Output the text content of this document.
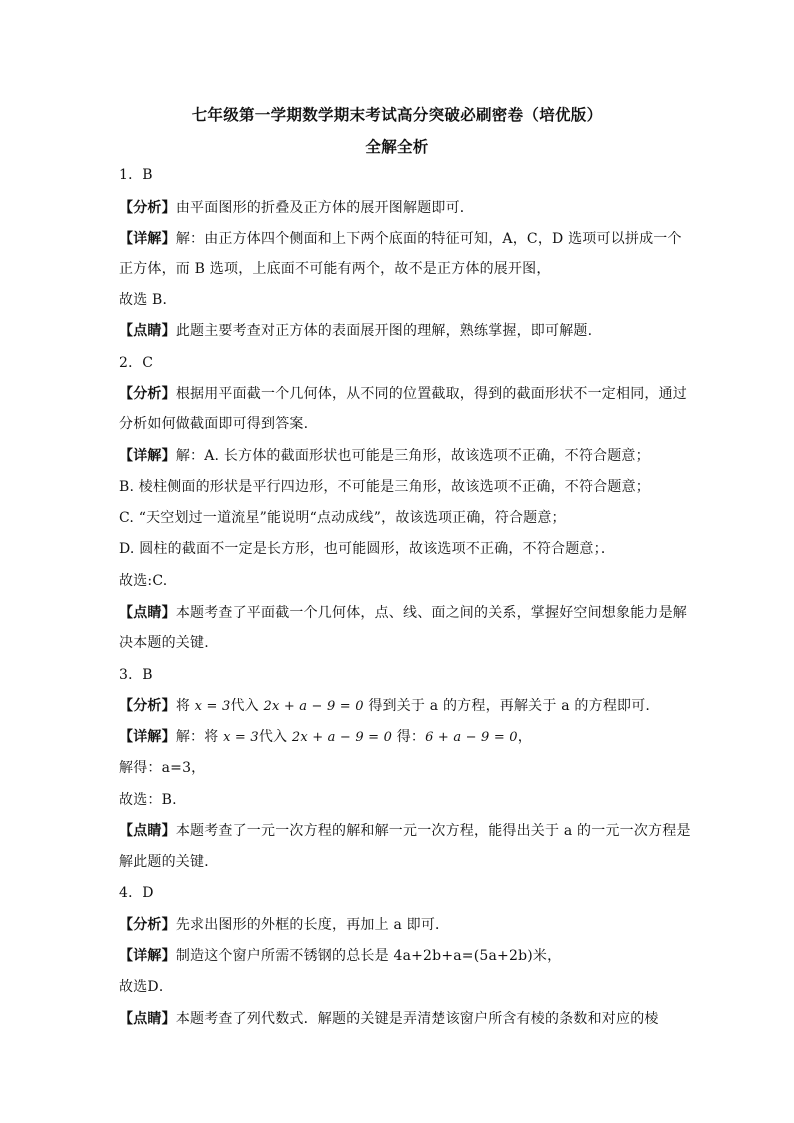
七年级第一学期数学期末考试高分突破必刷密卷（培优版）
全解全析
1．B
【分析】由平面图形的折叠及正方体的展开图解题即可．
【详解】解：由正方体四个侧面和上下两个底面的特征可知，A，C，D 选项可以拼成一个
正方体，而 B 选项，上底面不可能有两个，故不是正方体的展开图，
故选 B．
【点睛】此题主要考查对正方体的表面展开图的理解，熟练掌握，即可解题.
2．C
【分析】根据用平面截一个几何体，从不同的位置截取，得到的截面形状不一定相同，通过
分析如何做截面即可得到答案.
【详解】解：A. 长方体的截面形状也可能是三角形，故该选项不正确，不符合题意；
B. 棱柱侧面的形状是平行四边形，不可能是三角形，故该选项不正确，不符合题意；
C. “天空划过一道流星”能说明“点动成线”，故该选项正确，符合题意；
D. 圆柱的截面不一定是长方形，也可能圆形，故该选项不正确，不符合题意；．
故选:C.
【点睛】本题考查了平面截一个几何体，点、线、面之间的关系，掌握好空间想象能力是解
决本题的关键.
3．B
【分析】将 x = 3代入 2x + a − 9 = 0 得到关于 a 的方程，再解关于 a 的方程即可.
【详解】解：将 x = 3代入 2x + a − 9 = 0 得：6 + a − 9 = 0，
解得：a=3，
故选：B.
【点睛】本题考查了一元一次方程的解和解一元一次方程，能得出关于 a 的一元一次方程是
解此题的关键．
4．D
【分析】先求出图形的外框的长度，再加上 a 即可．
【详解】制造这个窗户所需不锈钢的总长是 4a+2b+a=(5a+2b)米，
故选D．
【点睛】本题考查了列代数式．解题的关键是弄清楚该窗户所含有棱的条数和对应的棱
